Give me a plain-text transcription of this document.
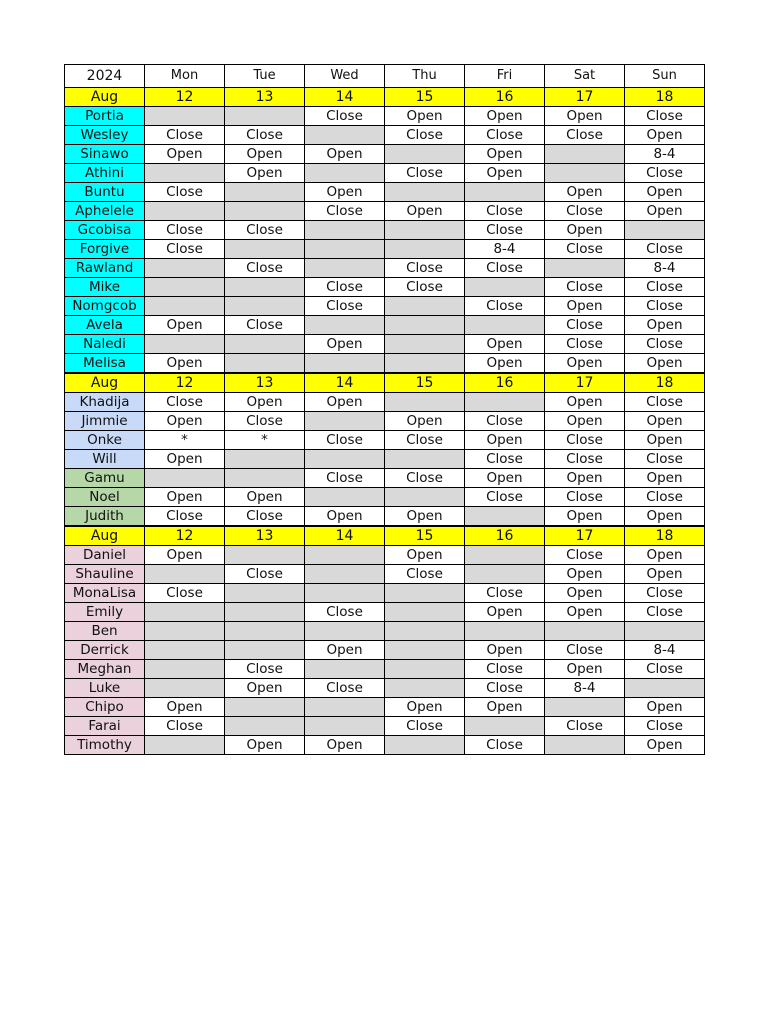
2024	Mon	Tue	Wed	Thu	Fri	Sat	Sun
Aug	12	13	14	15	16	17	18
Portia			Close	Open	Open	Open	Close
Wesley	Close	Close		Close	Close	Close	Open
Sinawo	Open	Open	Open		Open		8-4
Athini		Open		Close	Open		Close
Buntu	Close		Open			Open	Open
Aphelele			Close	Open	Close	Close	Open
Gcobisa	Close	Close			Close	Open	
Forgive	Close				8-4	Close	Close
Rawland		Close		Close	Close		8-4
Mike			Close	Close		Close	Close
Nomgcob			Close		Close	Open	Close
Avela	Open	Close				Close	Open
Naledi			Open		Open	Close	Close
Melisa	Open				Open	Open	Open
Aug	12	13	14	15	16	17	18
Khadija	Close	Open	Open			Open	Close
Jimmie	Open	Close		Open	Close	Open	Open
Onke	*	*	Close	Close	Open	Close	Open
Will	Open				Close	Close	Close
Gamu			Close	Close	Open	Open	Open
Noel	Open	Open			Close	Close	Close
Judith	Close	Close	Open	Open		Open	Open
Aug	12	13	14	15	16	17	18
Daniel	Open			Open		Close	Open
Shauline		Close		Close		Open	Open
MonaLisa	Close				Close	Open	Close
Emily			Close		Open	Open	Close
Ben							
Derrick			Open		Open	Close	8-4
Meghan		Close			Close	Open	Close
Luke		Open	Close		Close	8-4	
Chipo	Open			Open	Open		Open
Farai	Close			Close		Close	Close
Timothy		Open	Open		Close		Open
